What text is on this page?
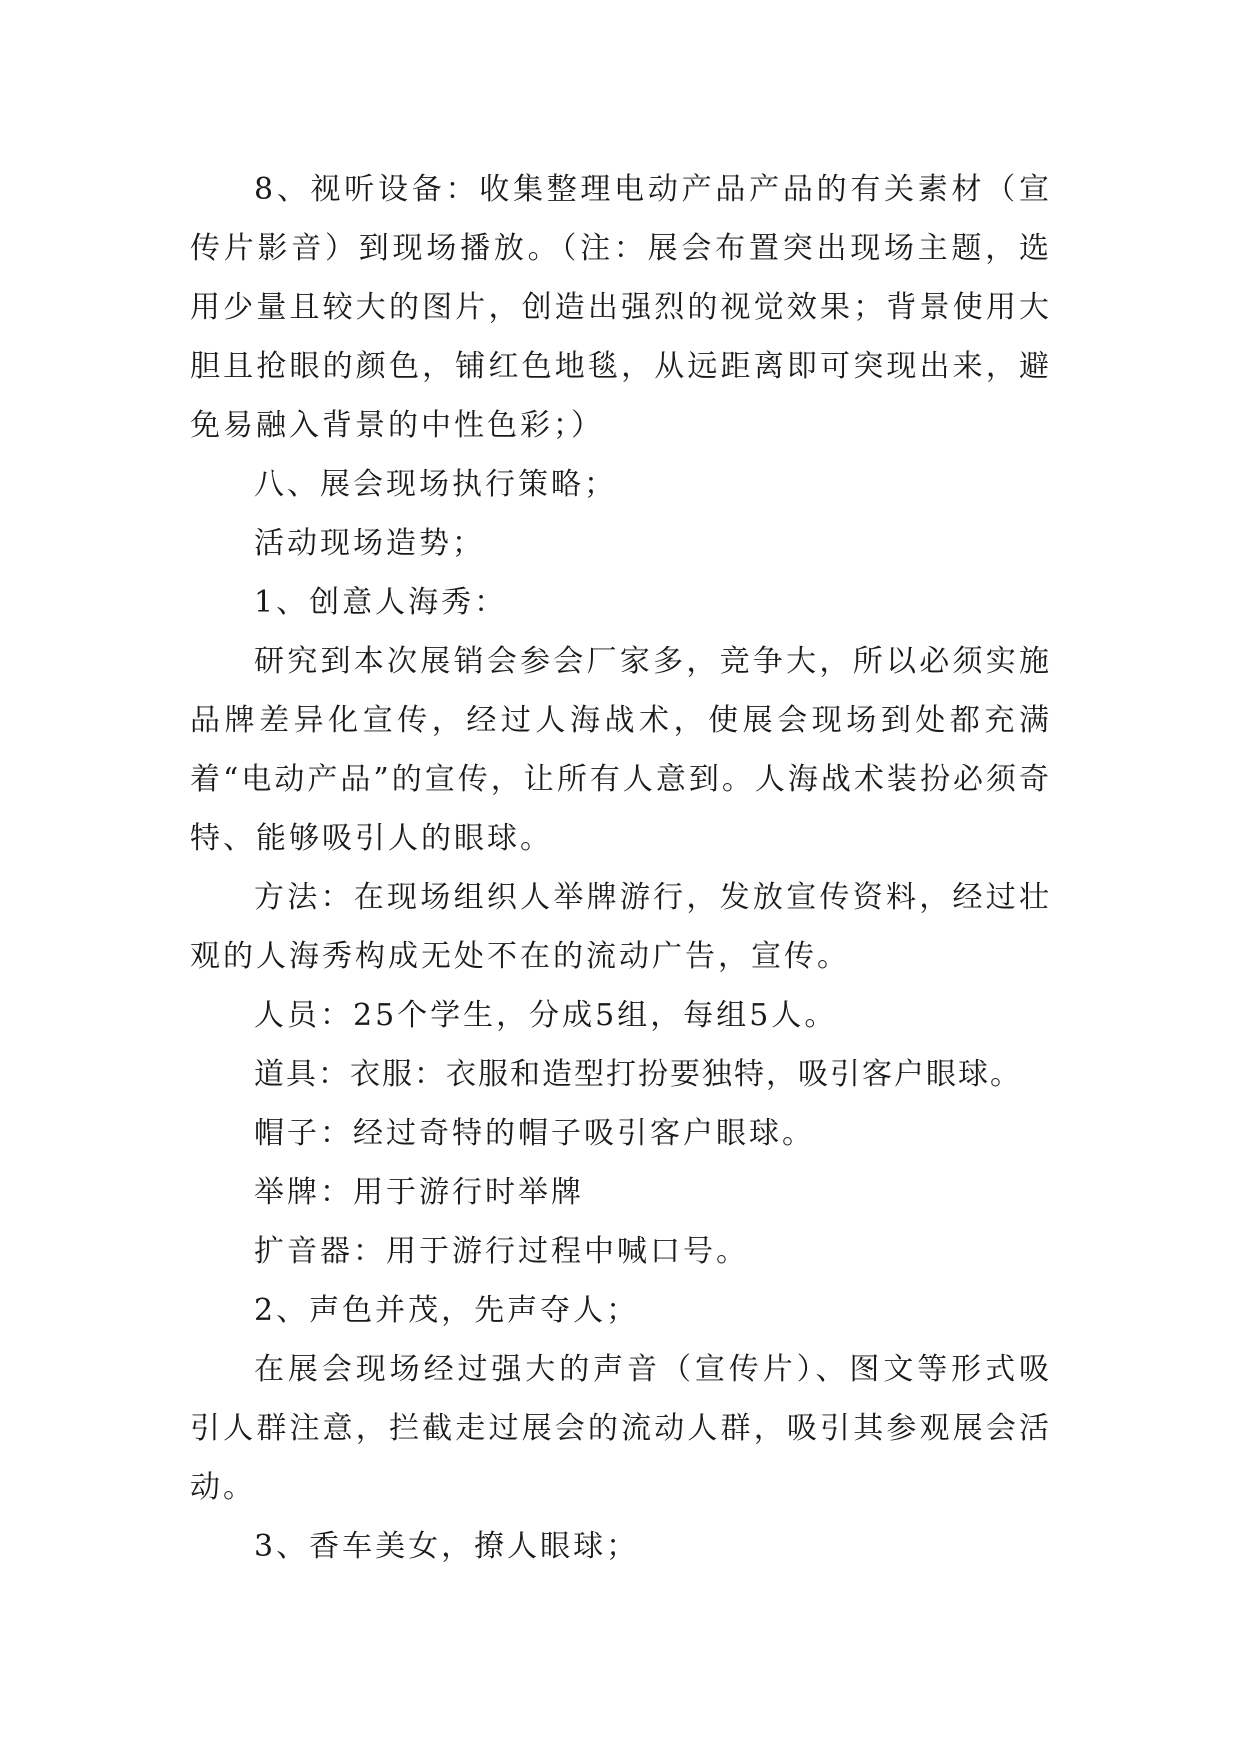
8、视听设备：收集整理电动产品产品的有关素材（宣传片影音）到现场播放。（注：展会布置突出现场主题，选用少量且较大的图片，创造出强烈的视觉效果；背景使用大胆且抢眼的颜色，铺红色地毯，从远距离即可突现出来，避免易融入背景的中性色彩；）

八、展会现场执行策略；

活动现场造势；

1、创意人海秀：

研究到本次展销会参会厂家多，竞争大，所以必须实施品牌差异化宣传，经过人海战术，使展会现场到处都充满着“电动产品”的宣传，让所有人意到。人海战术装扮必须奇特、能够吸引人的眼球。

方法：在现场组织人举牌游行，发放宣传资料，经过壮观的人海秀构成无处不在的流动广告，宣传。

人员：25个学生，分成5组，每组5人。

道具：衣服：衣服和造型打扮要独特，吸引客户眼球。

帽子：经过奇特的帽子吸引客户眼球。

举牌：用于游行时举牌

扩音器：用于游行过程中喊口号。

2、声色并茂，先声夺人；

在展会现场经过强大的声音（宣传片）、图文等形式吸引人群注意，拦截走过展会的流动人群，吸引其参观展会活动。

3、香车美女，撩人眼球；
